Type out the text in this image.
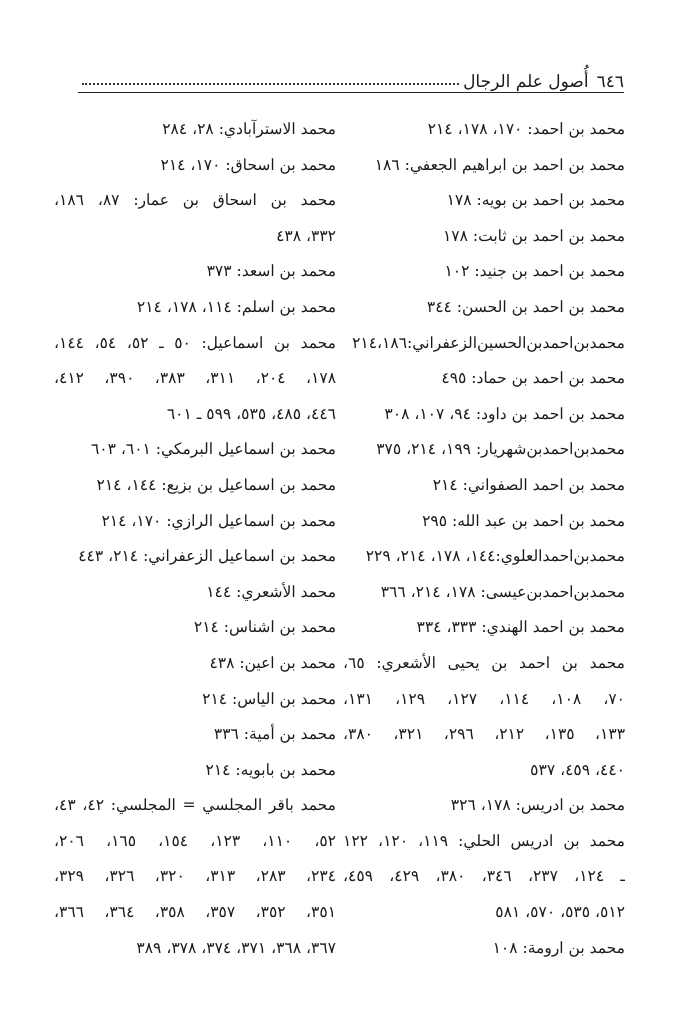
٦٤٦
أُصول علم الرجال
محمد بن احمد: ١٧٠، ١٧٨، ٢١٤
محمد بن احمد بن ابراهيم الجعفي: ١٨٦
محمد بن احمد بن بويه: ١٧٨
محمد بن احمد بن ثابت: ١٧٨
محمد بن احمد بن جنيد: ١٠٢
محمد بن احمد بن الحسن: ٣٤٤
محمدبن‌احمدبن‌الحسين‌الزعفراني:٢١٤،١٨٦
محمد بن احمد بن حماد: ٤٩٥
محمد بن احمد بن داود: ٩٤، ١٠٧، ٣٠٨
محمدبن‌احمدبن‌شهريار: ١٩٩، ٢١٤، ٣٧٥
محمد بن احمد الصفواني: ٢١٤
محمد بن احمد بن عبد الله: ٢٩٥
محمدبن‌احمدالعلوي:١٤٤، ١٧٨، ٢١٤، ٢٢٩
محمدبن‌احمدبن‌عيسى: ١٧٨، ٢١٤، ٣٦٦
محمد بن احمد الهندي: ٣٣٣، ٣٣٤
محمد بن احمد بن يحيى الأشعري: ٦٥،
٧٠، ١٠٨، ١١٤، ١٢٧، ١٢٩، ١٣١،
١٣٣، ١٣٥، ٢١٢، ٢٩٦، ٣٢١، ٣٨٠،
٤٤٠، ٤٥٩، ٥٣٧
محمد بن ادريس: ١٧٨، ٣٢٦
محمد بن ادريس الحلي: ١١٩، ١٢٠، ١٢٢
ـ ١٢٤، ٢٣٧، ٣٤٦، ٣٨٠، ٤٢٩، ٤٥٩،
٥١٢، ٥٣٥، ٥٧٠، ٥٨١
محمد بن ارومة: ١٠٨
محمد الاسترآبادي: ٢٨، ٢٨٤
محمد بن اسحاق: ١٧٠، ٢١٤
محمد بن اسحاق بن عمار: ٨٧، ١٨٦،
٣٣٢، ٤٣٨
محمد بن اسعد: ٣٧٣
محمد بن اسلم: ١١٤، ١٧٨، ٢١٤
محمد بن اسماعيل: ٥٠ ـ ٥٢، ٥٤، ١٤٤،
١٧٨، ٢٠٤، ٣١١، ٣٨٣، ٣٩٠، ٤١٢،
٤٤٦، ٤٨٥، ٥٣٥، ٥٩٩ ـ ٦٠١
محمد بن اسماعيل البرمكي: ٦٠١، ٦٠٣
محمد بن اسماعيل بن بزيع: ١٤٤، ٢١٤
محمد بن اسماعيل الرازي: ١٧٠، ٢١٤
محمد بن اسماعيل الزعفراني: ٢١٤، ٤٤٣
محمد الأشعري: ١٤٤
محمد بن اشناس: ٢١٤
محمد بن اعين: ٤٣٨
محمد بن الياس: ٢١٤
محمد بن أمية: ٣٣٦
محمد بن بابويه: ٢١٤
محمد باقر المجلسي = المجلسي: ٤٢، ٤٣،
٥٢، ١١٠، ١٢٣، ١٥٤، ١٦٥، ٢٠٦،
٢٣٤، ٢٨٣، ٣١٣، ٣٢٠، ٣٢٦، ٣٢٩،
٣٥١، ٣٥٢، ٣٥٧، ٣٥٨، ٣٦٤، ٣٦٦،
٣٦٧، ٣٦٨، ٣٧١، ٣٧٤، ٣٧٨، ٣٨٩
